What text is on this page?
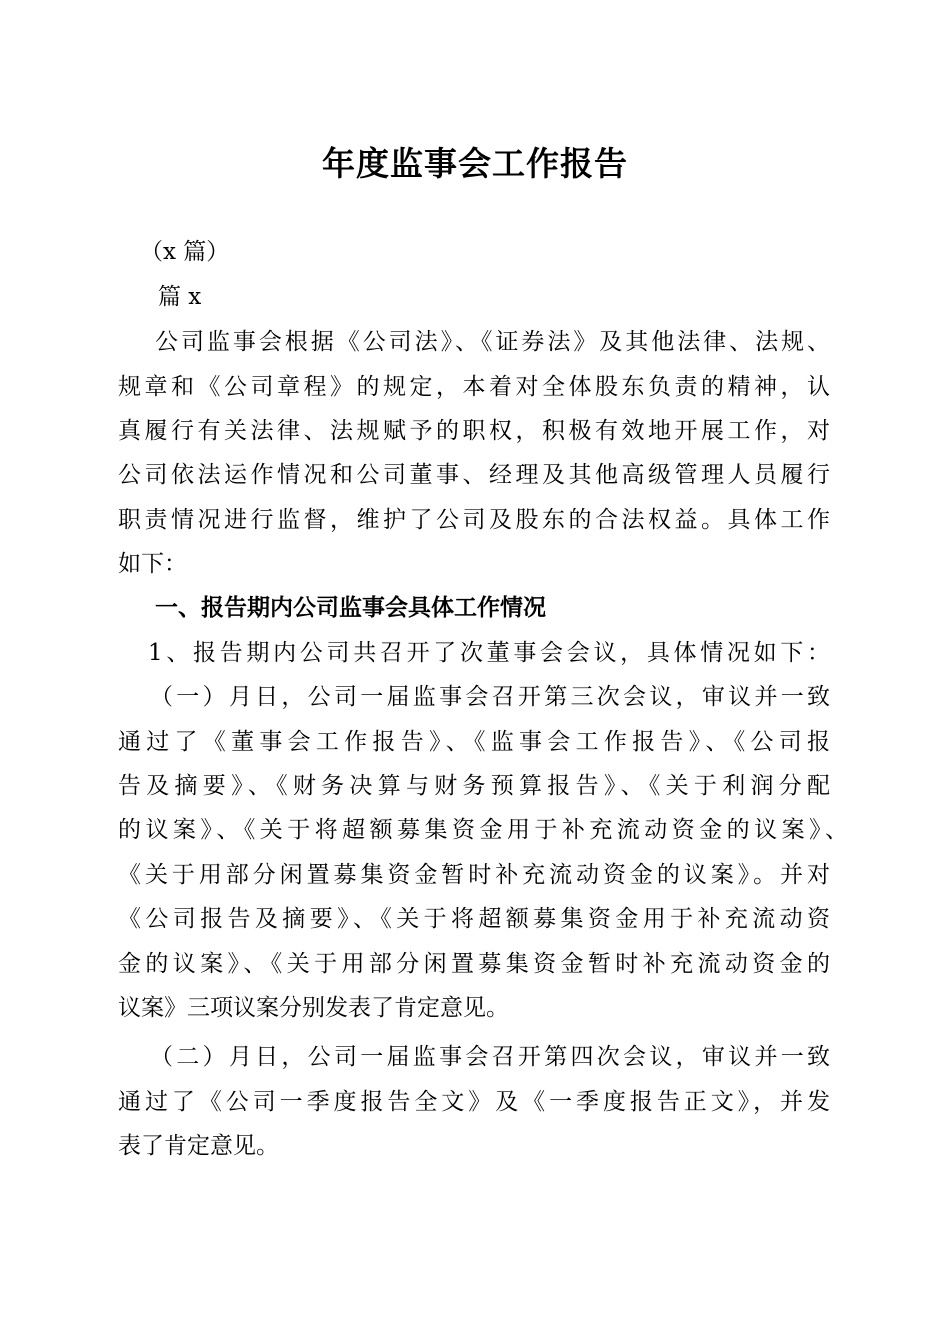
年度监事会工作报告
（x 篇）
篇 x
公司监事会根据《公司法》、《证券法》及其他法律、法规、
规章和《公司章程》的规定，本着对全体股东负责的精神，认
真履行有关法律、法规赋予的职权，积极有效地开展工作，对
公司依法运作情况和公司董事、经理及其他高级管理人员履行
职责情况进行监督，维护了公司及股东的合法权益。具体工作
如下：
一、报告期内公司监事会具体工作情况
1、报告期内公司共召开了次董事会会议，具体情况如下：
（一）月日，公司一届监事会召开第三次会议，审议并一致
通过了《董事会工作报告》、《监事会工作报告》、《公司报
告及摘要》、《财务决算与财务预算报告》、《关于利润分配
的议案》、《关于将超额募集资金用于补充流动资金的议案》、
《关于用部分闲置募集资金暂时补充流动资金的议案》。并对
《公司报告及摘要》、《关于将超额募集资金用于补充流动资
金的议案》、《关于用部分闲置募集资金暂时补充流动资金的
议案》三项议案分别发表了肯定意见。
（二）月日，公司一届监事会召开第四次会议，审议并一致
通过了《公司一季度报告全文》及《一季度报告正文》，并发
表了肯定意见。
